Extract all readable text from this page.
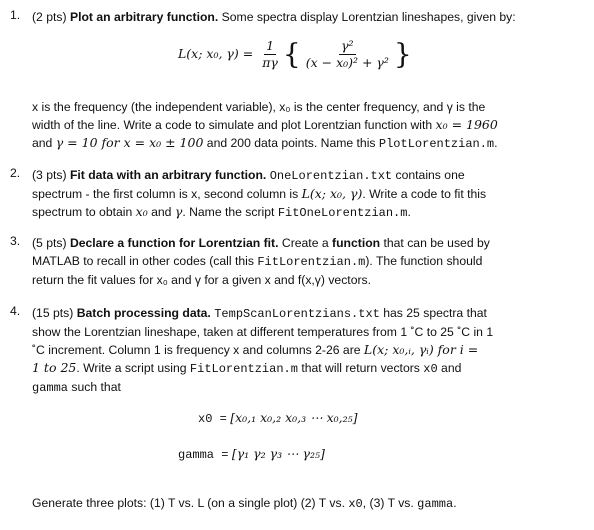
1. (2 pts) Plot an arbitrary function. Some spectra display Lorentzian lineshapes, given by:
L(x; x₀, $\gamma) = \frac{1}{\pi\gamma}$ { $\frac{\text{γ²}}{\text{(x − x₀)² + γ²}}$ }
x is the frequency (the independent variable), x₀ is the center frequency, and γ is the
width of the line. Write a code to simulate and plot Lorentzian function with x₀ = 1960
and γ = 10 for x = x₀ ± 100 and 200 data points. Name this PlotLorentzian.m.
2. (3 pts) Fit data with an arbitrary function. OneLorentzian.txt contains one
spectrum - the first column is x, second column is L(x; x₀, γ). Write a code to fit this
spectrum to obtain x₀ and γ. Name the script FitOneLorentzian.m.
3. (5 pts) Declare a function for Lorentzian fit. Create a function that can be used by
MATLAB to recall in other codes (call this FitLorentzian.m). The function should
return the fit values for x₀ and γ for a given x and f(x,γ) vectors.
4. (15 pts) Batch processing data. TempScanLorentzians.txt has 25 spectra that
show the Lorentzian lineshape, taken at different temperatures from 1 ˚C to 25 ˚C in 1
˚C increment. Column 1 is frequency x and columns 2-26 are L(x; x₀,ᵢ, γᵢ) for i =
1 to 25. Write a script using FitLorentzian.m that will return vectors x0 and
gamma such that
x0 = [x₀,₁ x₀,₂ x₀,₃ ⋯ x₀,₂₅]
gamma = [γ₁ γ₂ γ₃ ⋯ γ₂₅]
Generate three plots: (1) T vs. L (on a single plot) (2) T vs. x0, (3) T vs. gamma.
